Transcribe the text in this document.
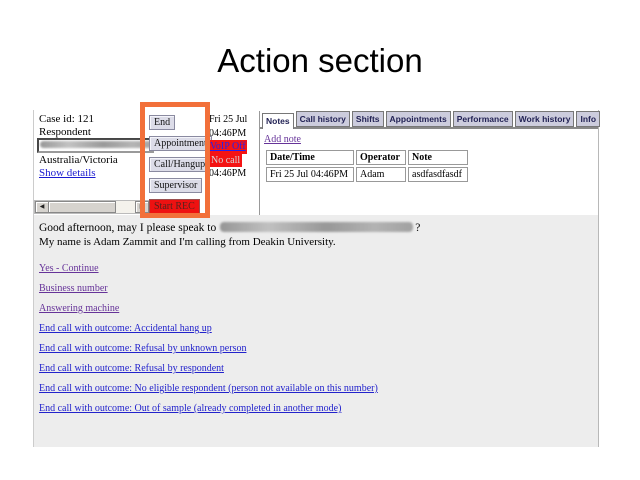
Action section
Case id: 121
Respondent
Australia/Victoria
Show details
◀	▶
End
Appointment
Call/Hangup
Supervisor
Start REC
Fri 25 Jul
04:46PM
VoIP Off
No call
04:46PM
Notes	Call history	Shifts	Appointments	Performance	Work history	Info
Add note
Date/Time	Operator	Note
Fri 25 Jul 04:46PM	Adam	asdfasdfasdf
Good afternoon, may I please speak to	?
My name is Adam Zammit and I'm calling from Deakin University.
Yes - Continue
Business number
Answering machine
End call with outcome: Accidental hang up
End call with outcome: Refusal by unknown person
End call with outcome: Refusal by respondent
End call with outcome: No eligible respondent (person not available on this number)
End call with outcome: Out of sample (already completed in another mode)
